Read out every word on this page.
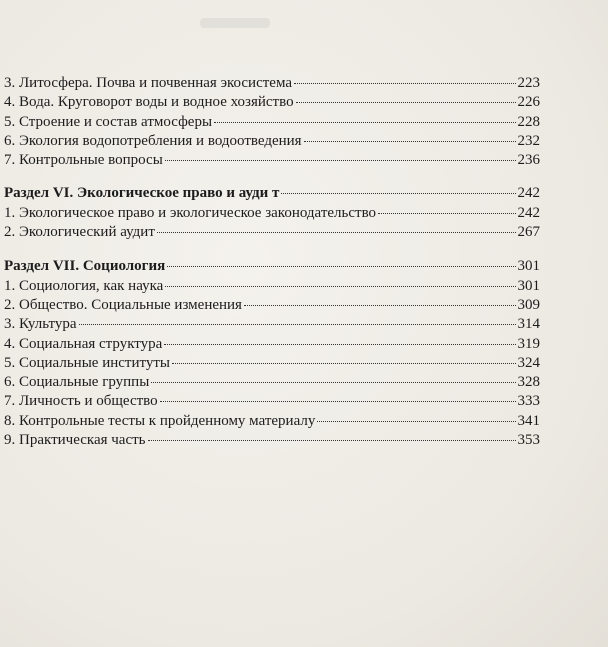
3. Литосфера. Почва и почвенная экосистема	223
4. Вода. Круговорот воды и водное хозяйство	226
5. Строение и состав атмосферы	228
6. Экология водопотребления и водоотведения	232
7. Контрольные вопросы	236
Раздел VI. Экологическое право и ауди т	242
1. Экологическое право и экологическое законодательство	242
2. Экологический аудит	267
Раздел VII. Социология	301
1. Социология, как наука	301
2. Общество. Социальные изменения	309
3. Культура	314
4. Социальная структура	319
5. Социальные институты	324
6. Социальные группы	328
7. Личность и общество	333
8. Контрольные тесты к пройденному материалу	341
9. Практическая часть	353
